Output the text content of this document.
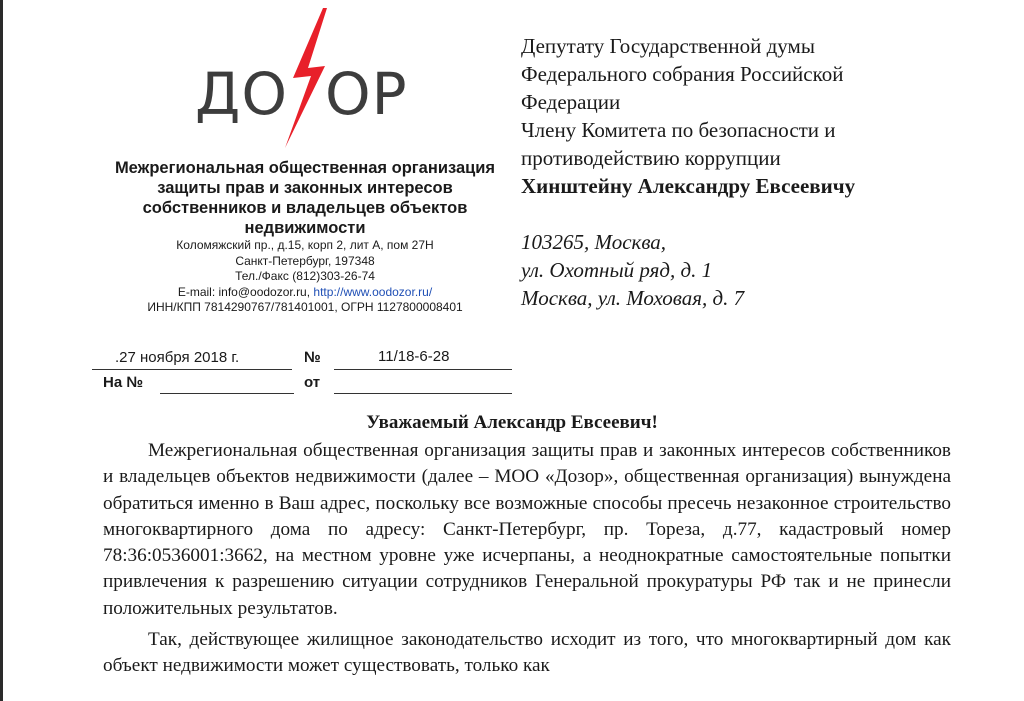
ДО ОР
Межрегиональная общественная организация защиты прав и законных интересов собственников и владельцев объектов недвижимости
Коломяжский пр., д.15, корп 2, лит А, пом 27Н
Санкт-Петербург, 197348
Тел./Факс (812)303-26-74
E-mail: info@oodozor.ru, http://www.oodozor.ru/
ИНН/КПП 7814290767/781401001, ОГРН 1127800008401
Депутату Государственной думы
Федерального собрания Российской
Федерации
Члену Комитета по безопасности и
противодействию коррупции
Хинштейну Александру Евсеевичу
103265, Москва,
ул. Охотный ряд, д. 1
Москва, ул. Моховая, д. 7
.27 ноября 2018 г.	№	11/18-6-28
На №	от
Уважаемый Александр Евсеевич!

Межрегиональная общественная организация защиты прав и законных интересов собственников и владельцев объектов недвижимости (далее – МОО «Дозор», общественная организация) вынуждена обратиться именно в Ваш адрес, поскольку все возможные способы пресечь незаконное строительство многоквартирного дома по адресу: Санкт-Петербург, пр. Тореза, д.77, кадастровый номер 78:36:0536001:3662, на местном уровне уже исчерпаны, а неоднократные самостоятельные попытки привлечения к разрешению ситуации сотрудников Генеральной прокуратуры РФ так и не принесли положительных результатов.

Так, действующее жилищное законодательство исходит из того, что многоквартирный дом как объект недвижимости может существовать, только как
